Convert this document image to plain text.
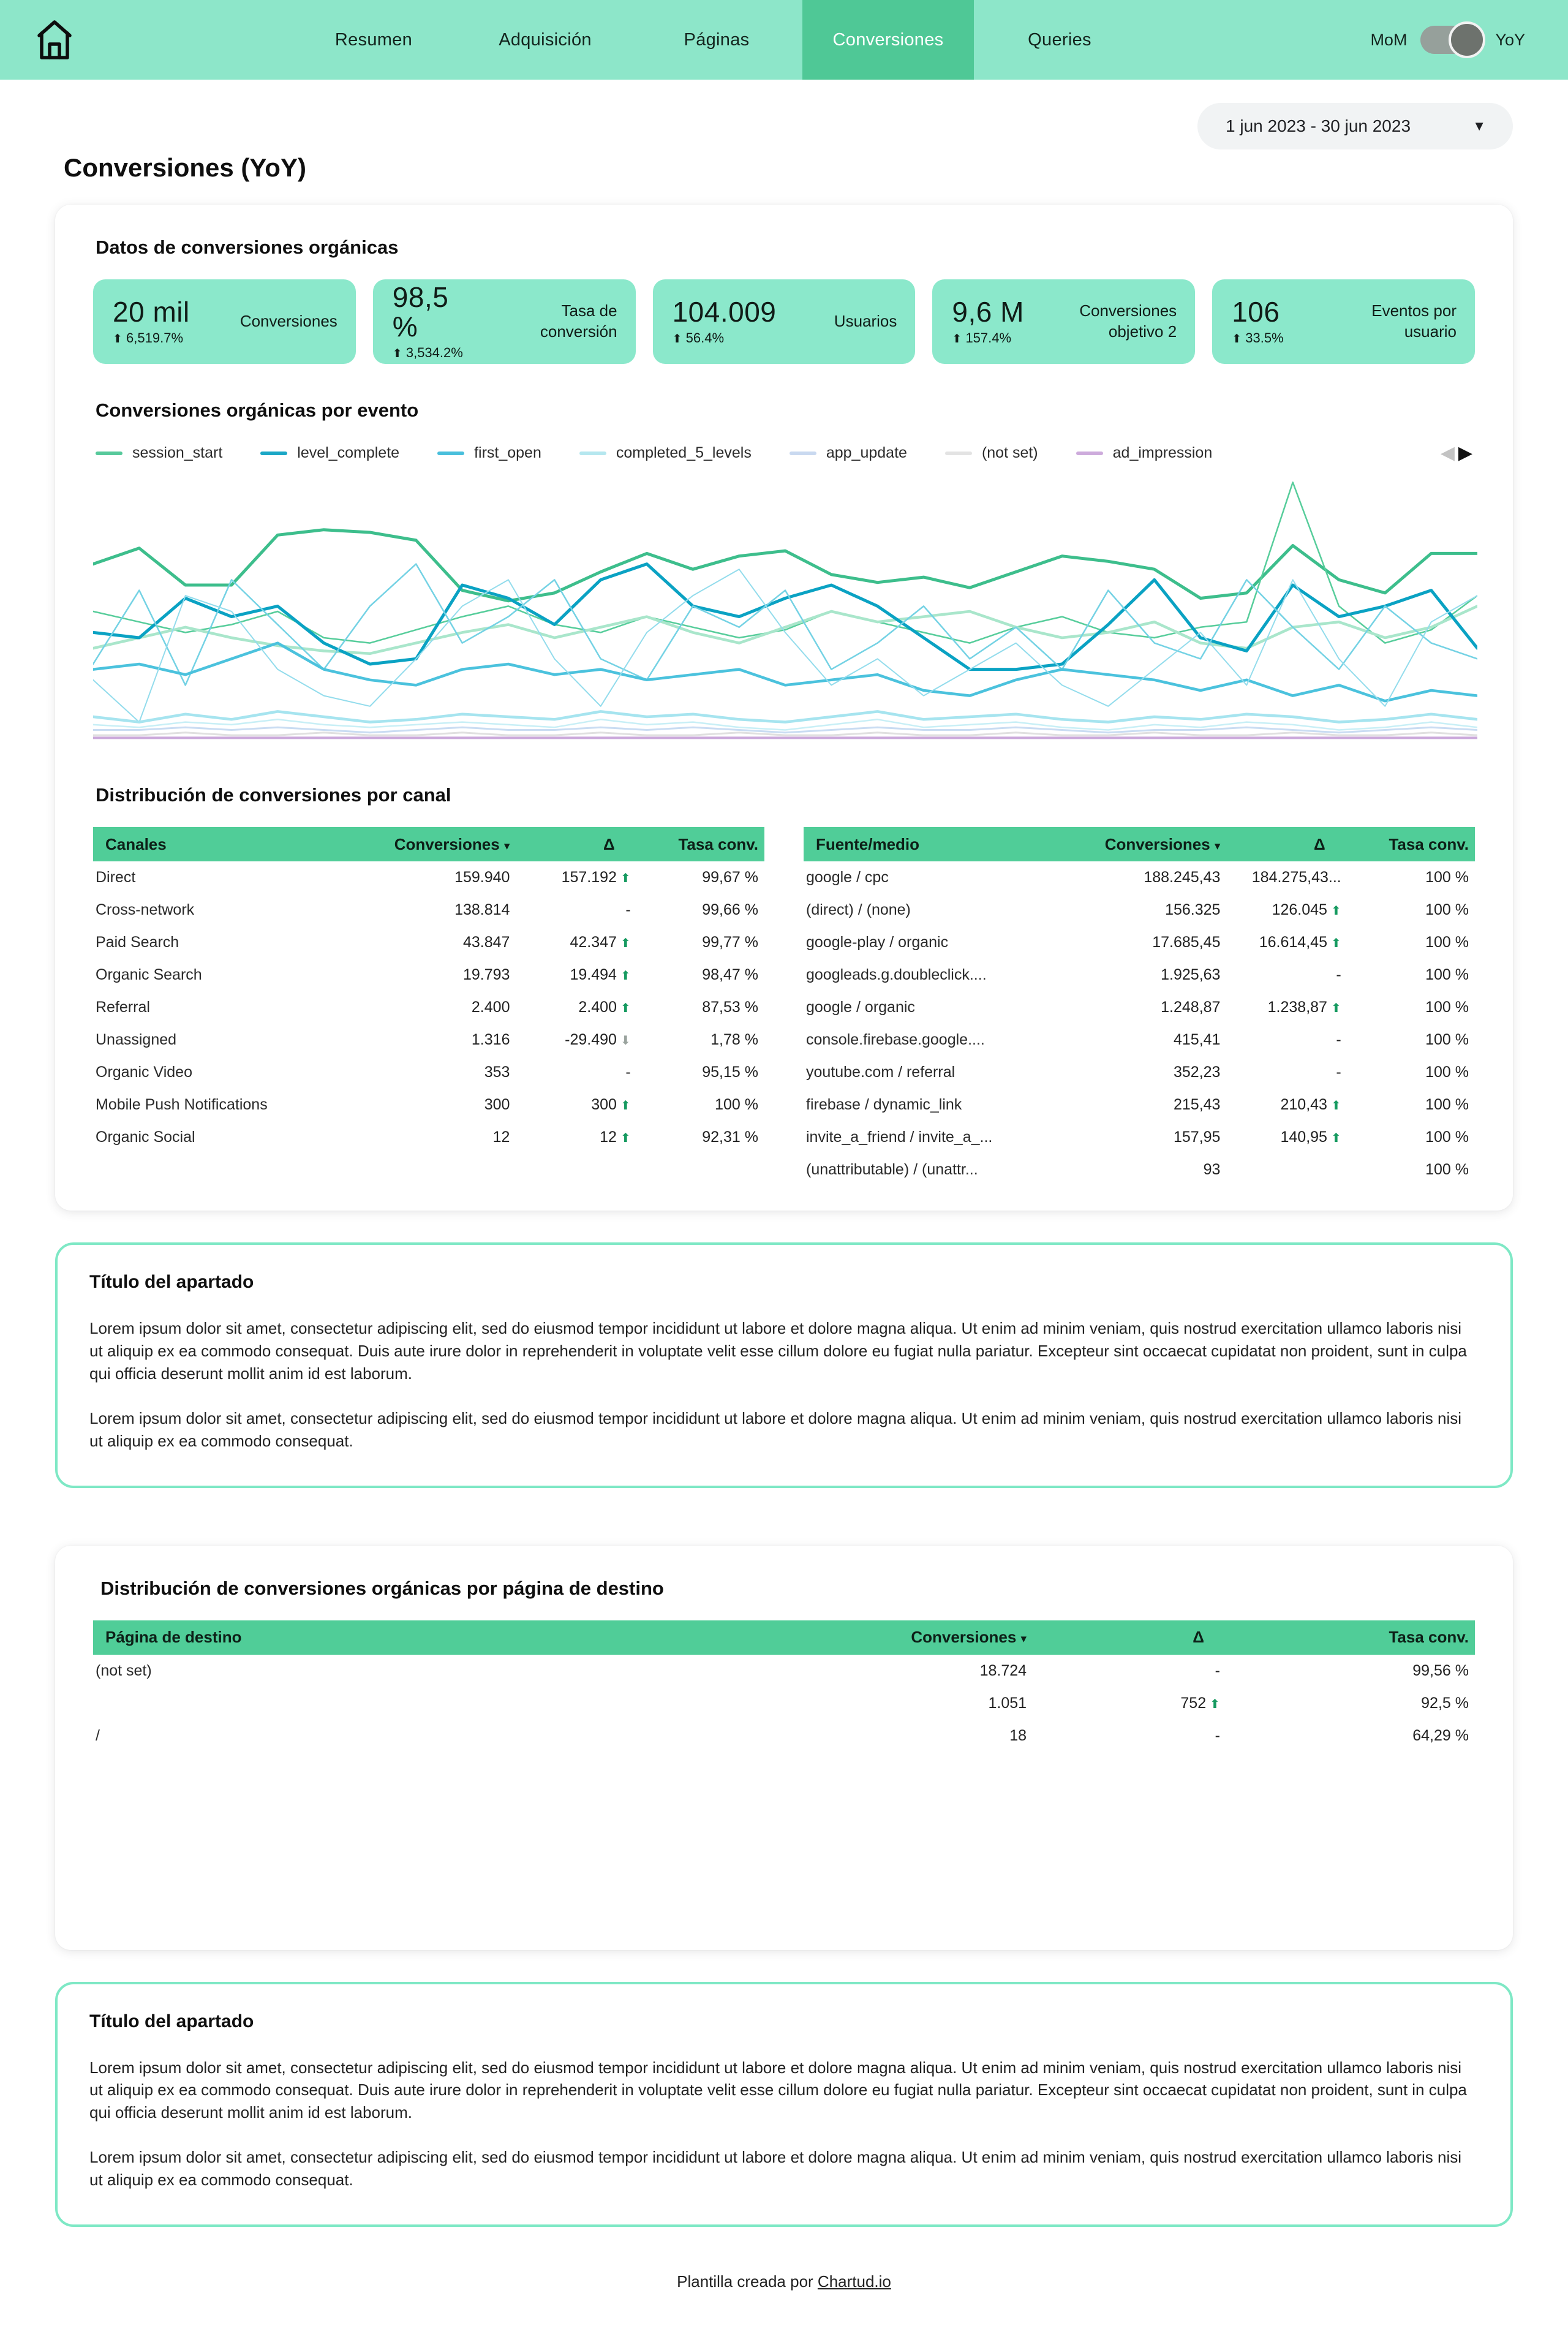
Resumen	Adquisición	Páginas	Conversiones	Queries	MoM	YoY
1 jun 2023 - 30 jun 2023	▼
Conversiones (YoY)
Datos de conversiones orgánicas
20 mil
⬆ 6,519.7%
Conversiones
98,5 %
⬆ 3,534.2%
Tasa de conversión
104.009
⬆ 56.4%
Usuarios 9,6 M
⬆ 157.4%
Conversiones objetivo 2
106
⬆ 33.5%
Eventos por usuario
Conversiones orgánicas por evento
session_start	level_complete	first_open	completed_5_levels	app_update	(not set)	ad_impression	◀ ▶
Distribución de conversiones por canal
Canales	Conversiones ▾	Δ	Tasa conv.
Direct	159.940	157.192 ⬆	99,67 %
Cross-network	138.814	-	99,66 %
Paid Search	43.847	42.347 ⬆	99,77 %
Organic Search	19.793	19.494 ⬆	98,47 %
Referral	2.400	2.400 ⬆	87,53 %
Unassigned	1.316	-29.490 ⬇	1,78 %
Organic Video	353	-	95,15 %
Mobile Push Notifications	300	300 ⬆	100 %
Organic Social	12	12 ⬆	92,31 %
Fuente/medio	Conversiones ▾	Δ	Tasa conv.
google / cpc	188.245,43	184.275,43...	100 %
(direct) / (none)	156.325	126.045 ⬆	100 %
google-play / organic	17.685,45	16.614,45 ⬆	100 %
googleads.g.doubleclick....	1.925,63	-	100 %
google / organic	1.248,87	1.238,87 ⬆	100 %
console.firebase.google....	415,41	-	100 %
youtube.com / referral	352,23	-	100 %
firebase / dynamic_link	215,43	210,43 ⬆	100 %
invite_a_friend / invite_a_...	157,95	140,95 ⬆	100 %
(unattributable) / (unattr...	93		100 %
Título del apartado

Lorem ipsum dolor sit amet, consectetur adipiscing elit, sed do eiusmod tempor incididunt ut labore et dolore magna aliqua. Ut enim ad minim veniam, quis nostrud exercitation ullamco laboris nisi ut aliquip ex ea commodo consequat. Duis aute irure dolor in reprehenderit in voluptate velit esse cillum dolore eu fugiat nulla pariatur. Excepteur sint occaecat cupidatat non proident, sunt in culpa qui officia deserunt mollit anim id est laborum.

Lorem ipsum dolor sit amet, consectetur adipiscing elit, sed do eiusmod tempor incididunt ut labore et dolore magna aliqua. Ut enim ad minim veniam, quis nostrud exercitation ullamco laboris nisi ut aliquip ex ea commodo consequat.

Distribución de conversiones orgánicas por página de destino
Página de destino	Conversiones ▾	Δ	Tasa conv.
(not set)	18.724	-	99,56 %
	1.051	752 ⬆	92,5 %
/	18	-	64,29 %
Título del apartado

Lorem ipsum dolor sit amet, consectetur adipiscing elit, sed do eiusmod tempor incididunt ut labore et dolore magna aliqua. Ut enim ad minim veniam, quis nostrud exercitation ullamco laboris nisi ut aliquip ex ea commodo consequat. Duis aute irure dolor in reprehenderit in voluptate velit esse cillum dolore eu fugiat nulla pariatur. Excepteur sint occaecat cupidatat non proident, sunt in culpa qui officia deserunt mollit anim id est laborum.

Lorem ipsum dolor sit amet, consectetur adipiscing elit, sed do eiusmod tempor incididunt ut labore et dolore magna aliqua. Ut enim ad minim veniam, quis nostrud exercitation ullamco laboris nisi ut aliquip ex ea commodo consequat.

Plantilla creada por Chartud.io
